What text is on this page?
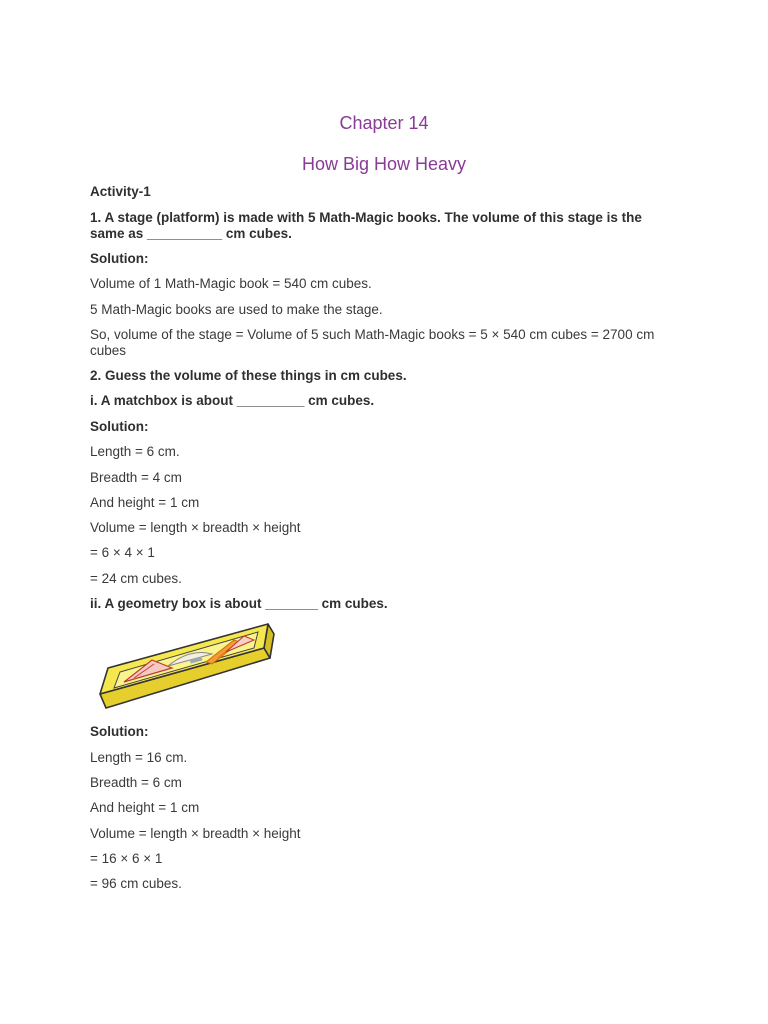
Chapter 14
How Big How Heavy
Activity-1
1. A stage (platform) is made with 5 Math-Magic books. The volume of this stage is the same as __________ cm cubes.
Solution:
Volume of 1 Math-Magic book = 540 cm cubes.
5 Math-Magic books are used to make the stage.
So, volume of the stage = Volume of 5 such Math-Magic books = 5 × 540 cm cubes = 2700 cm cubes
2. Guess the volume of these things in cm cubes.
i. A matchbox is about _________ cm cubes.
Solution:
Length = 6 cm.
Breadth = 4 cm
And height = 1 cm
Volume = length × breadth × height
= 6 × 4 × 1
= 24 cm cubes.
ii. A geometry box is about _______ cm cubes.
Solution:
Length = 16 cm.
Breadth = 6 cm
And height = 1 cm
Volume = length × breadth × height
= 16 × 6 × 1
= 96 cm cubes.
